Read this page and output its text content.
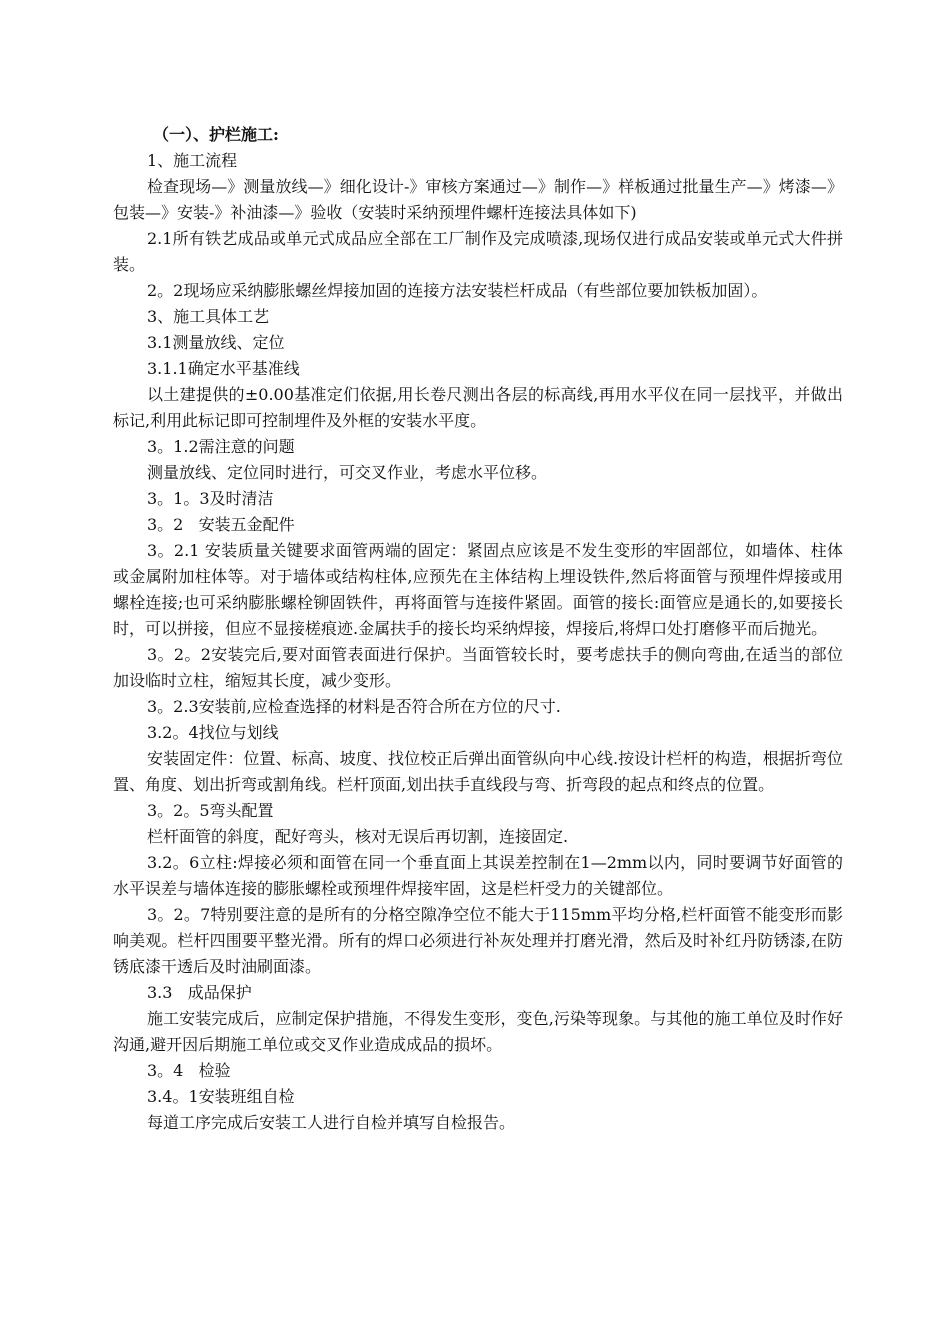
（一）、护栏施工:

1、施工流程

检查现场—》测量放线—》细化设计-》审核方案通过—》制作—》样板通过批量生产—》烤漆—》包装—》安装-》补油漆—》验收（安装时采纳预埋件螺杆连接法具体如下)

2.1所有铁艺成品或单元式成品应全部在工厂制作及完成喷漆,现场仅进行成品安装或单元式大件拼装。

2。2现场应采纳膨胀螺丝焊接加固的连接方法安装栏杆成品（有些部位要加铁板加固）。

3、施工具体工艺

3.1测量放线、定位

3.1.1确定水平基准线

以土建提供的±0.00基准定们依据,用长卷尺测出各层的标高线,再用水平仪在同一层找平，并做出标记,利用此标记即可控制埋件及外框的安装水平度。

3。1.2需注意的问题

测量放线、定位同时进行，可交叉作业，考虑水平位移。

3。1。3及时清洁

3。2   安装五金配件

3。2.1 安装质量关键要求面管两端的固定：紧固点应该是不发生变形的牢固部位，如墙体、柱体或金属附加柱体等。对于墙体或结构柱体,应预先在主体结构上埋设铁件,然后将面管与预埋件焊接或用螺栓连接;也可采纳膨胀螺栓铆固铁件，再将面管与连接件紧固。面管的接长:面管应是通长的,如要接长时，可以拼接，但应不显接槎痕迹.金属扶手的接长均采纳焊接，焊接后,将焊口处打磨修平而后抛光。

3。2。2安装完后,要对面管表面进行保护。当面管较长时，要考虑扶手的侧向弯曲,在适当的部位加设临时立柱，缩短其长度，减少变形。

3。2.3安装前,应检查选择的材料是否符合所在方位的尺寸.

3.2。4找位与划线

安装固定件：位置、标高、坡度、找位校正后弹出面管纵向中心线.按设计栏杆的构造，根据折弯位置、角度、划出折弯或割角线。栏杆顶面,划出扶手直线段与弯、折弯段的起点和终点的位置。

3。2。5弯头配置

栏杆面管的斜度，配好弯头，核对无误后再切割，连接固定.

3.2。6立柱:焊接必须和面管在同一个垂直面上其误差控制在1—2mm以内，同时要调节好面管的水平误差与墙体连接的膨胀螺栓或预埋件焊接牢固，这是栏杆受力的关键部位。

3。2。7特别要注意的是所有的分格空隙净空位不能大于115mm平均分格,栏杆面管不能变形而影响美观。栏杆四围要平整光滑。所有的焊口必须进行补灰处理并打磨光滑，然后及时补红丹防锈漆,在防锈底漆干透后及时油刷面漆。

3.3   成品保护

施工安装完成后，应制定保护措施，不得发生变形，变色,污染等现象。与其他的施工单位及时作好沟通,避开因后期施工单位或交叉作业造成成品的损坏。

3。4   检验

3.4。1安装班组自检

每道工序完成后安装工人进行自检并填写自检报告。
